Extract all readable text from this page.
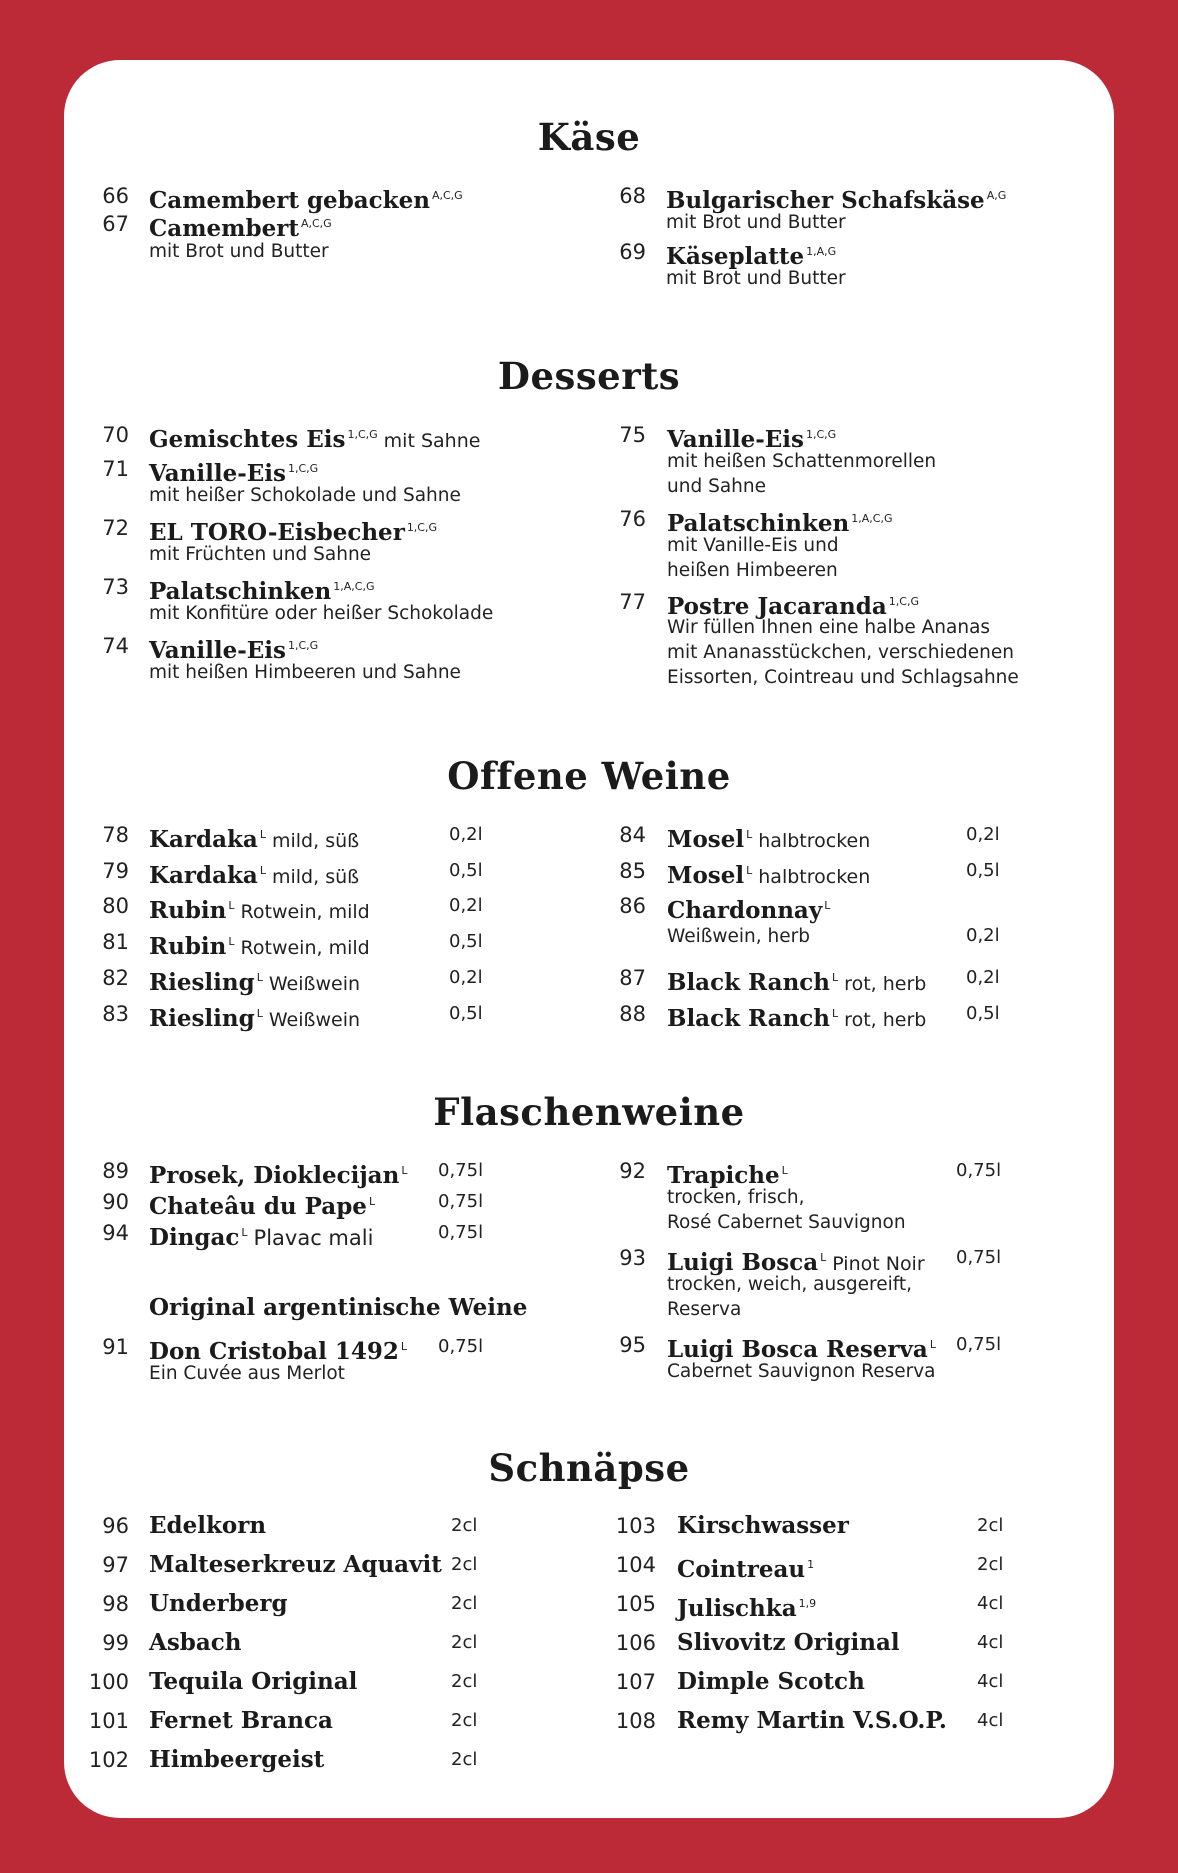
Käse
66 Camembert gebacken $^{A,C,G}$
67 Camembert $^{A,C,G}$
mit Brot und Butter
68 Bulgarischer Schafskäse $^{A,G}$
mit Brot und Butter
69 Käseplatte $^{1,A,G}$
mit Brot und Butter
Desserts
70 Gemischtes Eis $^{1,C,G}$ mit Sahne
71 Vanille-Eis $^{1,C,G}$
mit heißer Schokolade und Sahne
72 EL TORO-Eisbecher $^{1,C,G}$
mit Früchten und Sahne
73 Palatschinken $^{1,A,C,G}$
mit Konfitüre oder heißer Schokolade
74 Vanille-Eis $^{1,C,G}$
mit heißen Himbeeren und Sahne
75 Vanille-Eis $^{1,C,G}$
mit heißen Schattenmorellen
und Sahne
76 Palatschinken $^{1,A,C,G}$
mit Vanille-Eis und
heißen Himbeeren
77 Postre Jacaranda $^{1,C,G}$
Wir füllen Ihnen eine halbe Ananas
mit Ananasstückchen, verschiedenen
Eissorten, Cointreau und Schlagsahne
Offene Weine
78 Kardaka $^L$ mild, süß	0,2l
79 Kardaka $^L$ mild, süß	0,5l
80 Rubin $^L$ Rotwein, mild	0,2l
81 Rubin $^L$ Rotwein, mild	0,5l
82 Riesling $^L$ Weißwein	0,2l
83 Riesling $^L$ Weißwein	0,5l
84 Mosel $^L$ halbtrocken	0,2l
85 Mosel $^L$ halbtrocken	0,5l
86 Chardonnay $^L$
Weißwein, herb	0,2l
87 Black Ranch $^L$ rot, herb 0,2l
88 Black Ranch $^L$ rot, herb 0,5l
Flaschenweine
89 Prosek, Dioklecijan $^L$ 0,75l
90 Chateâu du Pape $^L$	0,75l
94 Dingac $^L$ Plavac mali	0,75l
Original argentinische Weine
91 Don Cristobal 1492 $^L$
Ein Cuvée aus Merlot
0,75l
92 Trapiche $^L$
trocken, frisch,
Rosé Cabernet Sauvignon
0,75l
93 Luigi Bosca $^L$ Pinot Noir
trocken, weich, ausgereift,
Reserva
0,75l
95 Luigi Bosca Reserva $^L$
Cabernet Sauvignon Reserva
0,75l
Schnäpse
96 Edelkorn	2cl
97 Malteserkreuz Aquavit 2cl
98 Underberg	2cl
99 Asbach	2cl
100 Tequila Original	2cl
101 Fernet Branca	2cl
102 Himbeergeist	2cl
103 Kirschwasser	2cl
104 Cointreau $^1$	2cl
105 Julischka $^{1,9}$	4cl
106 Slivovitz Original	4cl
107 Dimple Scotch	4cl
108 Remy Martin V.S.O.P. 4cl
